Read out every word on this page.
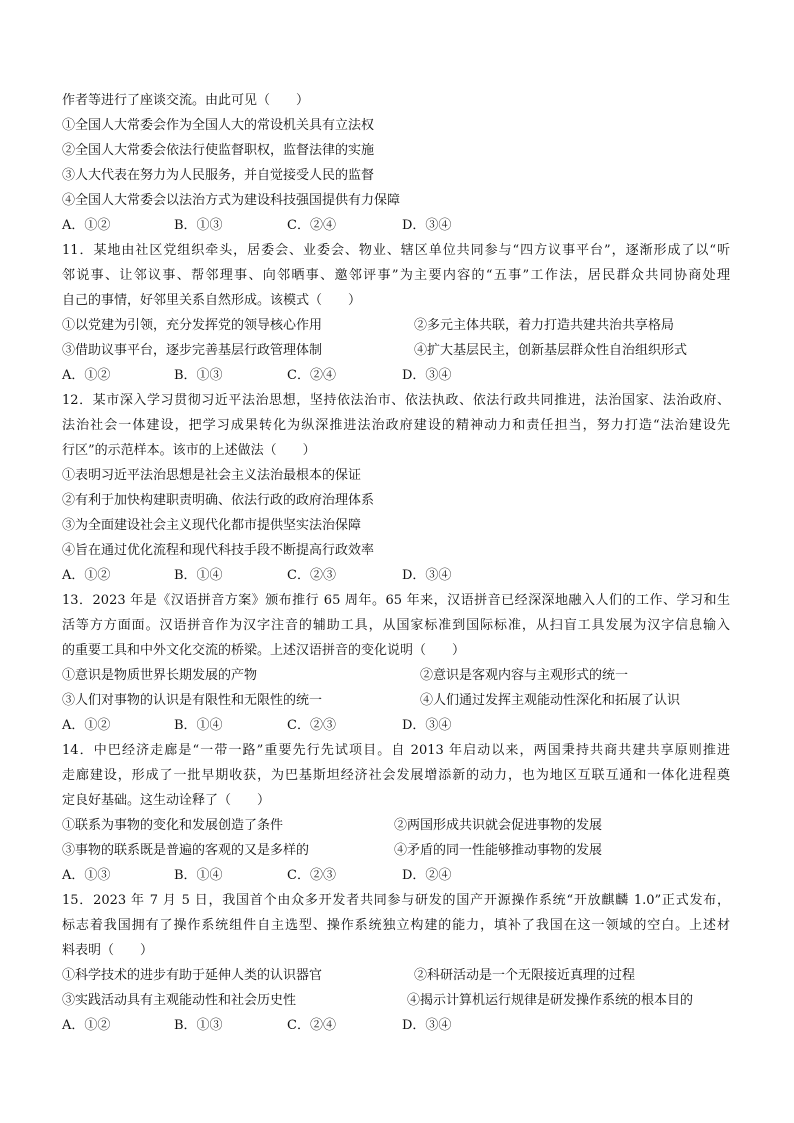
作者等进行了座谈交流。由此可见（　　）
①全国人大常委会作为全国人大的常设机关具有立法权
②全国人大常委会依法行使监督职权，监督法律的实施
③人大代表在努力为人民服务，并自觉接受人民的监督
④全国人大常委会以法治方式为建设科技强国提供有力保障
A．①②	B．①③	C．②④	D．③④
11．某地由社区党组织牵头，居委会、业委会、物业、辖区单位共同参与“四方议事平台”，逐渐形成了以“听
邻说事、让邻议事、帮邻理事、向邻晒事、邀邻评事”为主要内容的“五事”工作法，居民群众共同协商处理
自己的事情，好邻里关系自然形成。该模式（　　）
①以党建为引领，充分发挥党的领导核心作用	②多元主体共联，着力打造共建共治共享格局
③借助议事平台，逐步完善基层行政管理体制	④扩大基层民主，创新基层群众性自治组织形式
A．①②	B．①③	C．②④	D．③④
12．某市深入学习贯彻习近平法治思想，坚持依法治市、依法执政、依法行政共同推进，法治国家、法治政府、
法治社会一体建设，把学习成果转化为纵深推进法治政府建设的精神动力和责任担当，努力打造“法治建设先
行区”的示范样本。该市的上述做法（　　）
①表明习近平法治思想是社会主义法治最根本的保证
②有利于加快构建职责明确、依法行政的政府治理体系
③为全面建设社会主义现代化都市提供坚实法治保障
④旨在通过优化流程和现代科技手段不断提高行政效率
A．①②	B．①④	C．②③	D．③④
13．2023 年是《汉语拼音方案》颁布推行 65 周年。65 年来，汉语拼音已经深深地融入人们的工作、学习和生
活等方方面面。汉语拼音作为汉字注音的辅助工具，从国家标准到国际标准，从扫盲工具发展为汉字信息输入
的重要工具和中外文化交流的桥梁。上述汉语拼音的变化说明（　　）
①意识是物质世界长期发展的产物	②意识是客观内容与主观形式的统一
③人们对事物的认识是有限性和无限性的统一	④人们通过发挥主观能动性深化和拓展了认识
A．①②	B．①④	C．②③	D．③④
14．中巴经济走廊是“一带一路”重要先行先试项目。自 2013 年启动以来，两国秉持共商共建共享原则推进
走廊建设，形成了一批早期收获，为巴基斯坦经济社会发展增添新的动力，也为地区互联互通和一体化进程奠
定良好基础。这生动诠释了（　　）
①联系为事物的变化和发展创造了条件	②两国形成共识就会促进事物的发展
③事物的联系既是普遍的客观的又是多样的	④矛盾的同一性能够推动事物的发展
A．①③	B．①④	C．②③	D．②④
15．2023 年 7 月 5 日，我国首个由众多开发者共同参与研发的国产开源操作系统“开放麒麟 1.0”正式发布，
标志着我国拥有了操作系统组件自主选型、操作系统独立构建的能力，填补了我国在这一领域的空白。上述材
料表明（　　）
①科学技术的进步有助于延伸人类的认识器官	②科研活动是一个无限接近真理的过程
③实践活动具有主观能动性和社会历史性	④揭示计算机运行规律是研发操作系统的根本目的
A．①②	B．①③	C．②④	D．③④
